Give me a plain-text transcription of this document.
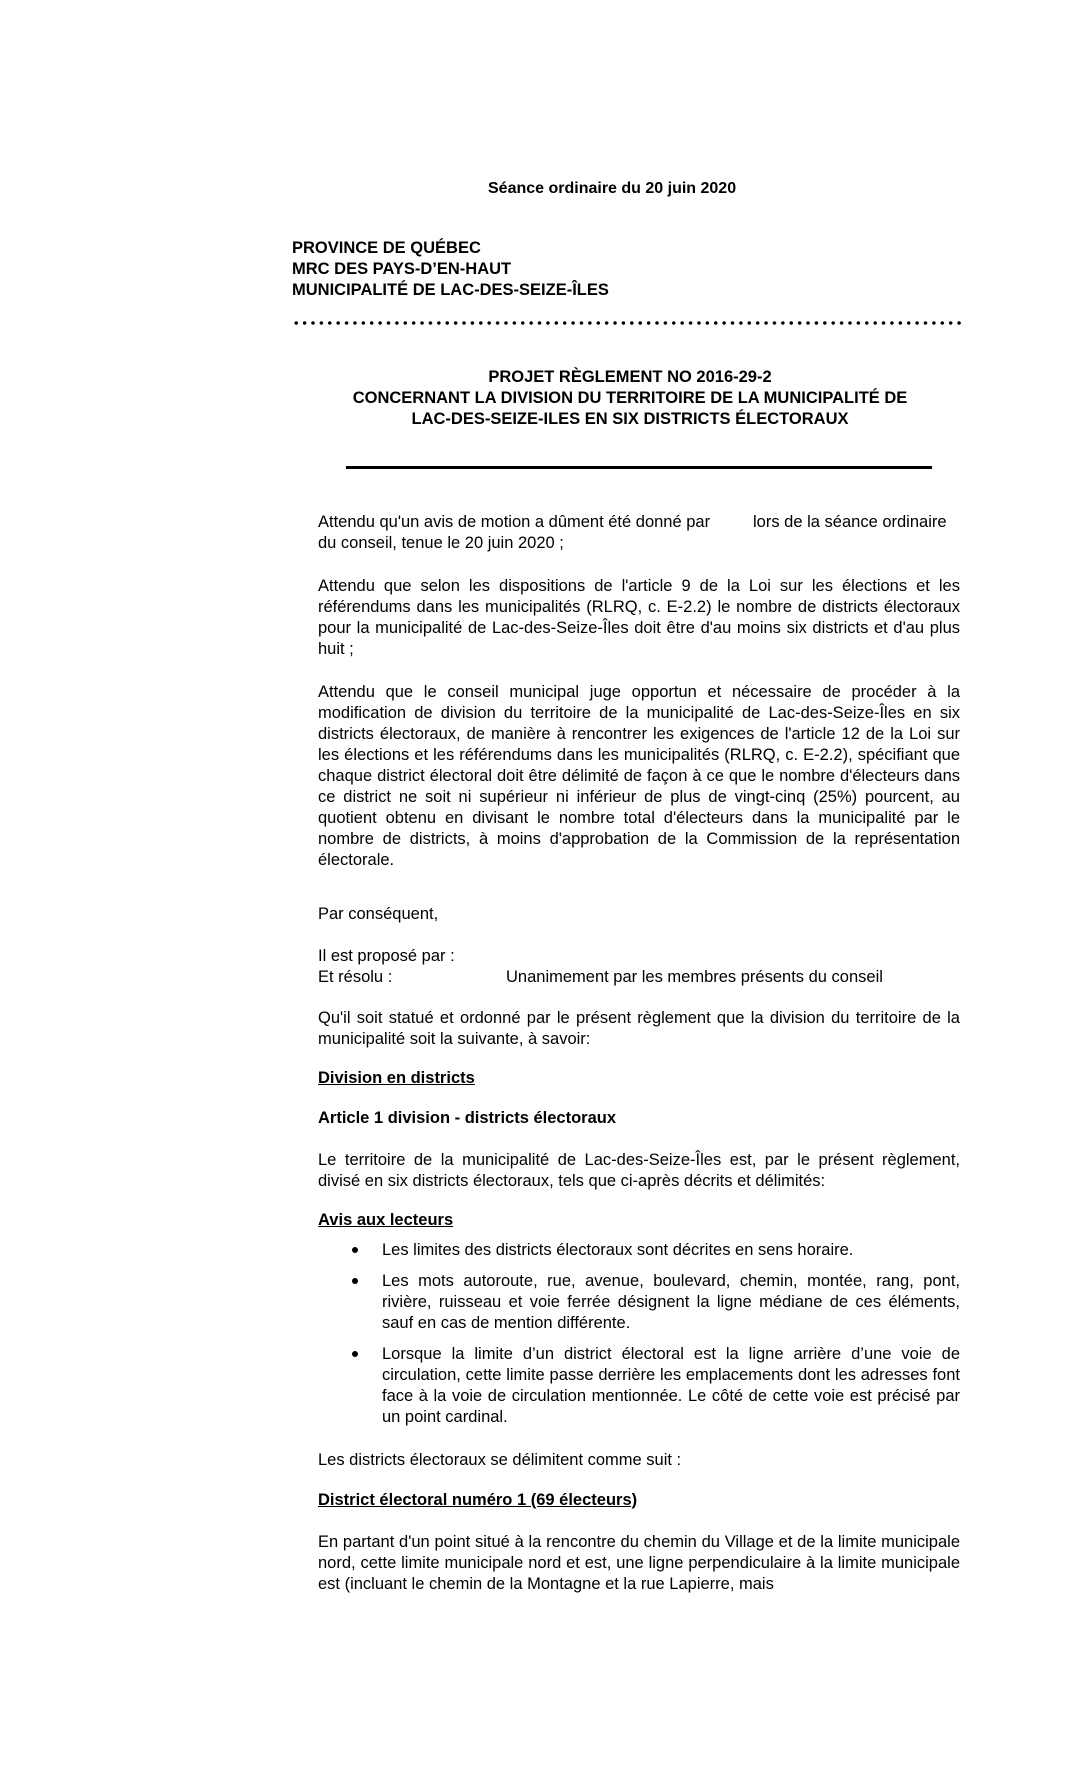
Séance ordinaire du 20 juin 2020
PROVINCE DE QUÉBEC
MRC DES PAYS-D’EN-HAUT
MUNICIPALITÉ DE LAC-DES-SEIZE-ÎLES
PROJET RÈGLEMENT NO 2016-29-2
CONCERNANT LA DIVISION DU TERRITOIRE DE LA MUNICIPALITÉ DE
LAC-DES-SEIZE-ILES EN SIX DISTRICTS ÉLECTORAUX
Attendu qu'un avis de motion a dûment été donné par	lors de la séance ordinaire
du conseil, tenue le 20 juin 2020 ;
Attendu que selon les dispositions de l'article 9 de la Loi sur les élections et les référendums dans les municipalités (RLRQ, c. E-2.2) le nombre de districts électoraux pour la municipalité de Lac-des-Seize-Îles doit être d'au moins six districts et d'au plus huit ;
Attendu que le conseil municipal juge opportun et nécessaire de procéder à la modification de division du territoire de la municipalité de Lac-des-Seize-Îles en six districts électoraux, de manière à rencontrer les exigences de l'article 12 de la Loi sur les élections et les référendums dans les municipalités (RLRQ, c. E-2.2), spécifiant que chaque district électoral doit être délimité de façon à ce que le nombre d'électeurs dans ce district ne soit ni supérieur ni inférieur de plus de vingt-cinq (25%) pourcent, au quotient obtenu en divisant le nombre total d'électeurs dans la municipalité par le nombre de districts, à moins d'approbation de la Commission de la représentation électorale.
Par conséquent,
Il est proposé par :
Et résolu :	Unanimement par les membres présents du conseil
Qu'il soit statué et ordonné par le présent règlement que la division du territoire de la municipalité soit la suivante, à savoir:
Division en districts
Article 1 division - districts électoraux
Le territoire de la municipalité de Lac-des-Seize-Îles est, par le présent règlement, divisé en six districts électoraux, tels que ci-après décrits et délimités:
Avis aux lecteurs
Les limites des districts électoraux sont décrites en sens horaire.
Les mots autoroute, rue, avenue, boulevard, chemin, montée, rang, pont, rivière, ruisseau et voie ferrée désignent la ligne médiane de ces éléments, sauf en cas de mention différente.
Lorsque la limite d’un district électoral est la ligne arrière d’une voie de circulation, cette limite passe derrière les emplacements dont les adresses font face à la voie de circulation mentionnée. Le côté de cette voie est précisé par un point cardinal.
Les districts électoraux se délimitent comme suit :
District électoral numéro 1 (69 électeurs)
En partant d'un point situé à la rencontre du chemin du Village et de la limite municipale nord, cette limite municipale nord et est, une ligne perpendiculaire à la limite municipale est (incluant le chemin de la Montagne et la rue Lapierre, mais
